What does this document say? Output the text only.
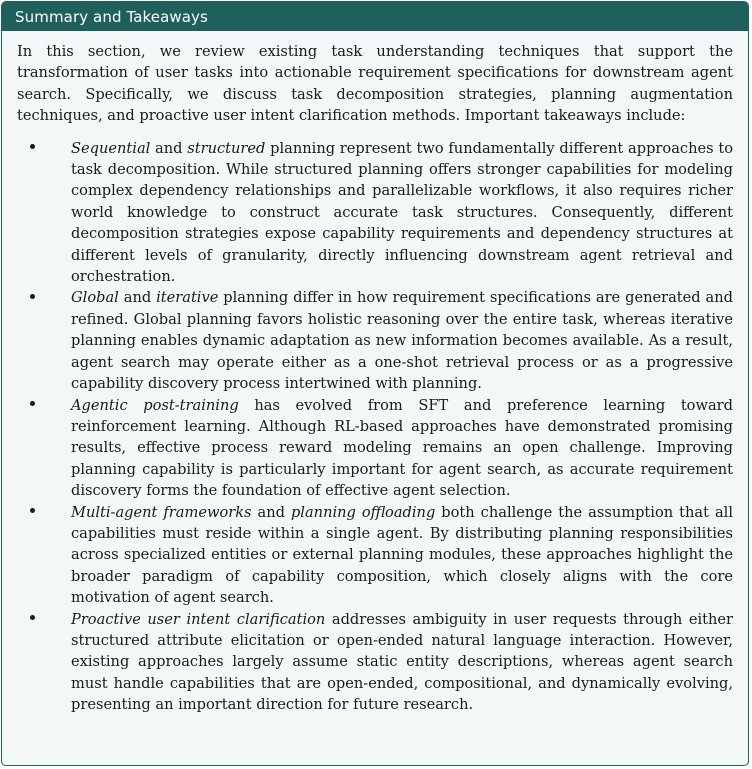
Summary and Takeaways

In this section, we review existing task understanding techniques that support the transformation of user tasks into actionable requirement specifications for downstream agent search. Specifically, we discuss task decomposition strategies, planning augmentation techniques, and proactive user intent clarification methods. Important takeaways include:

Sequential and structured planning represent two fundamentally different approaches to task decomposition. While structured planning offers stronger capabilities for modeling complex dependency relationships and parallelizable workflows, it also requires richer world knowledge to construct accurate task structures. Consequently, different decomposition strategies expose capability requirements and dependency structures at different levels of granularity, directly influencing downstream agent retrieval and orchestration.
Global and iterative planning differ in how requirement specifications are generated and refined. Global planning favors holistic reasoning over the entire task, whereas iterative planning enables dynamic adaptation as new information becomes available. As a result, agent search may operate either as a one-shot retrieval process or as a progressive capability discovery process intertwined with planning.
Agentic post-training has evolved from SFT and preference learning toward reinforcement learning. Although RL-based approaches have demonstrated promising results, effective process reward modeling remains an open challenge. Improving planning capability is particularly important for agent search, as accurate requirement discovery forms the foundation of effective agent selection.
Multi-agent frameworks and planning offloading both challenge the assumption that all capabilities must reside within a single agent. By distributing planning responsibilities across specialized entities or external planning modules, these approaches highlight the broader paradigm of capability composition, which closely aligns with the core motivation of agent search.
Proactive user intent clarification addresses ambiguity in user requests through either structured attribute elicitation or open-ended natural language interaction. However, existing approaches largely assume static entity descriptions, whereas agent search must handle capabilities that are open-ended, compositional, and dynamically evolving, presenting an important direction for future research.
